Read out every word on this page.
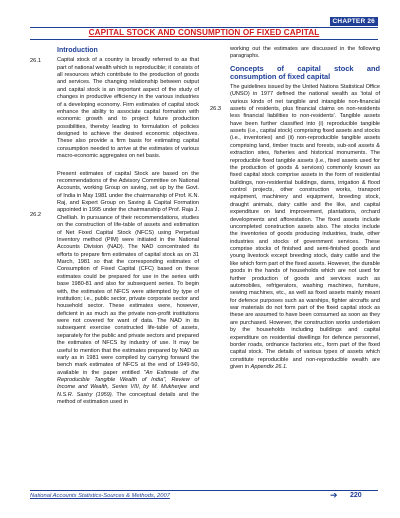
CHAPTER 26
CAPITAL STOCK AND CONSUMPTION OF FIXED CAPITAL
26.1
26.2
26.3
Introduction

Capital stock of a country is broadly referred to as that part of national wealth which is reproducible; it consists of all resources which contribute to the production of goods and services. The changing relationship between output and capital stock is an important aspect of the study of changes in productive efficiency in the various industries of a developing economy. Firm estimates of capital stock enhance the ability to associate capital formation with economic growth and to project future production possibilities, thereby leading to formulation of policies designed to achieve the desired economic objectives. These also provide a firm basis for estimating capital consumption needed to arrive at the estimates of various macro-economic aggregates on net basis.

Present estimates of capital Stock are based on the recommendations of the Advisory Committee on National Accounts, working Group on saving, set up by the Govt. of India in May 1981 under the chairmanship of Prof. K.N. Raj, and Expert Group on Saving & Capital Formation appointed in 1995 under the chairmanship of Prof. Raja J. Chelliah. In pursuance of their recommendations, studies on the construction of life-table of assets and estimation of Net Fixed Capital Stock (NFCS) using Perpetual Inventory method (PIM) were initiated in the National Accounts Division (NAD). The NAD concentrated its efforts to prepare firm estimates of capital stock as on 31 March, 1981 so that the corresponding estimates of Consumption of Fixed Capital (CFC) based on these estimates could be prepared for use in the series with base 1980-81 and also for subsequent series. To begin with, the estimates of NFCS were attempted by type of institution; i.e., public sector, private corporate sector and household sector. These estimates were, however, deficient in as much as the private non-profit institutions were not covered for want of data. The NAD in its subsequent exercise constructed life-table of assets, separately for the public and private sectors and prepared the estimates of NFCS by industry of use. It may be useful to mention that the estimates prepared by NAD as early as in 1981 were compiled by carrying forward the bench mark estimates of NFCS at the end of 1949-50, available in the paper entitled "An Estimate of the Reproducible Tangible Wealth of India", Review of Income and Wealth, Series VIII, by M. Mukherjee and N.S.R. Sastry (1959). The conceptual details and the method of estimation used in

working out the estimates are discussed in the following paragraphs.

Concepts of capital stock and consumption of fixed capital

The guidelines issued by the United Nations Statistical Office (UNSO) in 1977 defined the national wealth as 'total of various kinds of net tangible and intangible non-financial assets of residents, plus financial claims on non-residents less financial liabilities to non-residents'. Tangible assets have been further classified into (i) reproducible tangible assets (i.e., capital stock) comprising fixed assets and stocks (i.e., inventories) and (ii) non-reproducible tangible assets comprising land, timber tracts and forests, sub-soil assets & extraction sites, fisheries and historical monuments. The reproducible fixed tangible assets (i.e., fixed assets used for the production of goods & services) commonly known as fixed capital stock comprise assets in the form of residential buildings, non-residential buildings, dams, irrigation & flood control projects, other construction works, transport equipment, machinery and equipment, breeding stock, draught animals, dairy cattle and the like, and capital expenditure on land improvement, plantations, orchard developments and afforestation. The fixed assets include uncompleted construction assets also. The stocks include the inventories of goods producing industries, trade, other industries and stocks of government services. These comprise stocks of finished and semi-finished goods and young livestock except breeding stock, dairy cattle and the like which form part of the fixed assets. However, the durable goods in the hands of households which are not used for further production of goods and services such as automobiles, refrigerators, washing machines, furniture, sewing machines, etc., as well as fixed assets mainly meant for defence purposes such as warships, fighter aircrafts and war materials do not form part of the fixed capital stock as these are assumed to have been consumed as soon as they are purchased. However, the construction works undertaken by the households including buildings and capital expenditure on residential dwellings for defence personnel, border roads, ordnance factories etc., form part of the fixed capital stock. The details of various types of assets which constitute reproducible and non-reproducible wealth are given in Appendix 26.1.

National Accounts Statistics-Sources & Methods, 2007	➔ 220
